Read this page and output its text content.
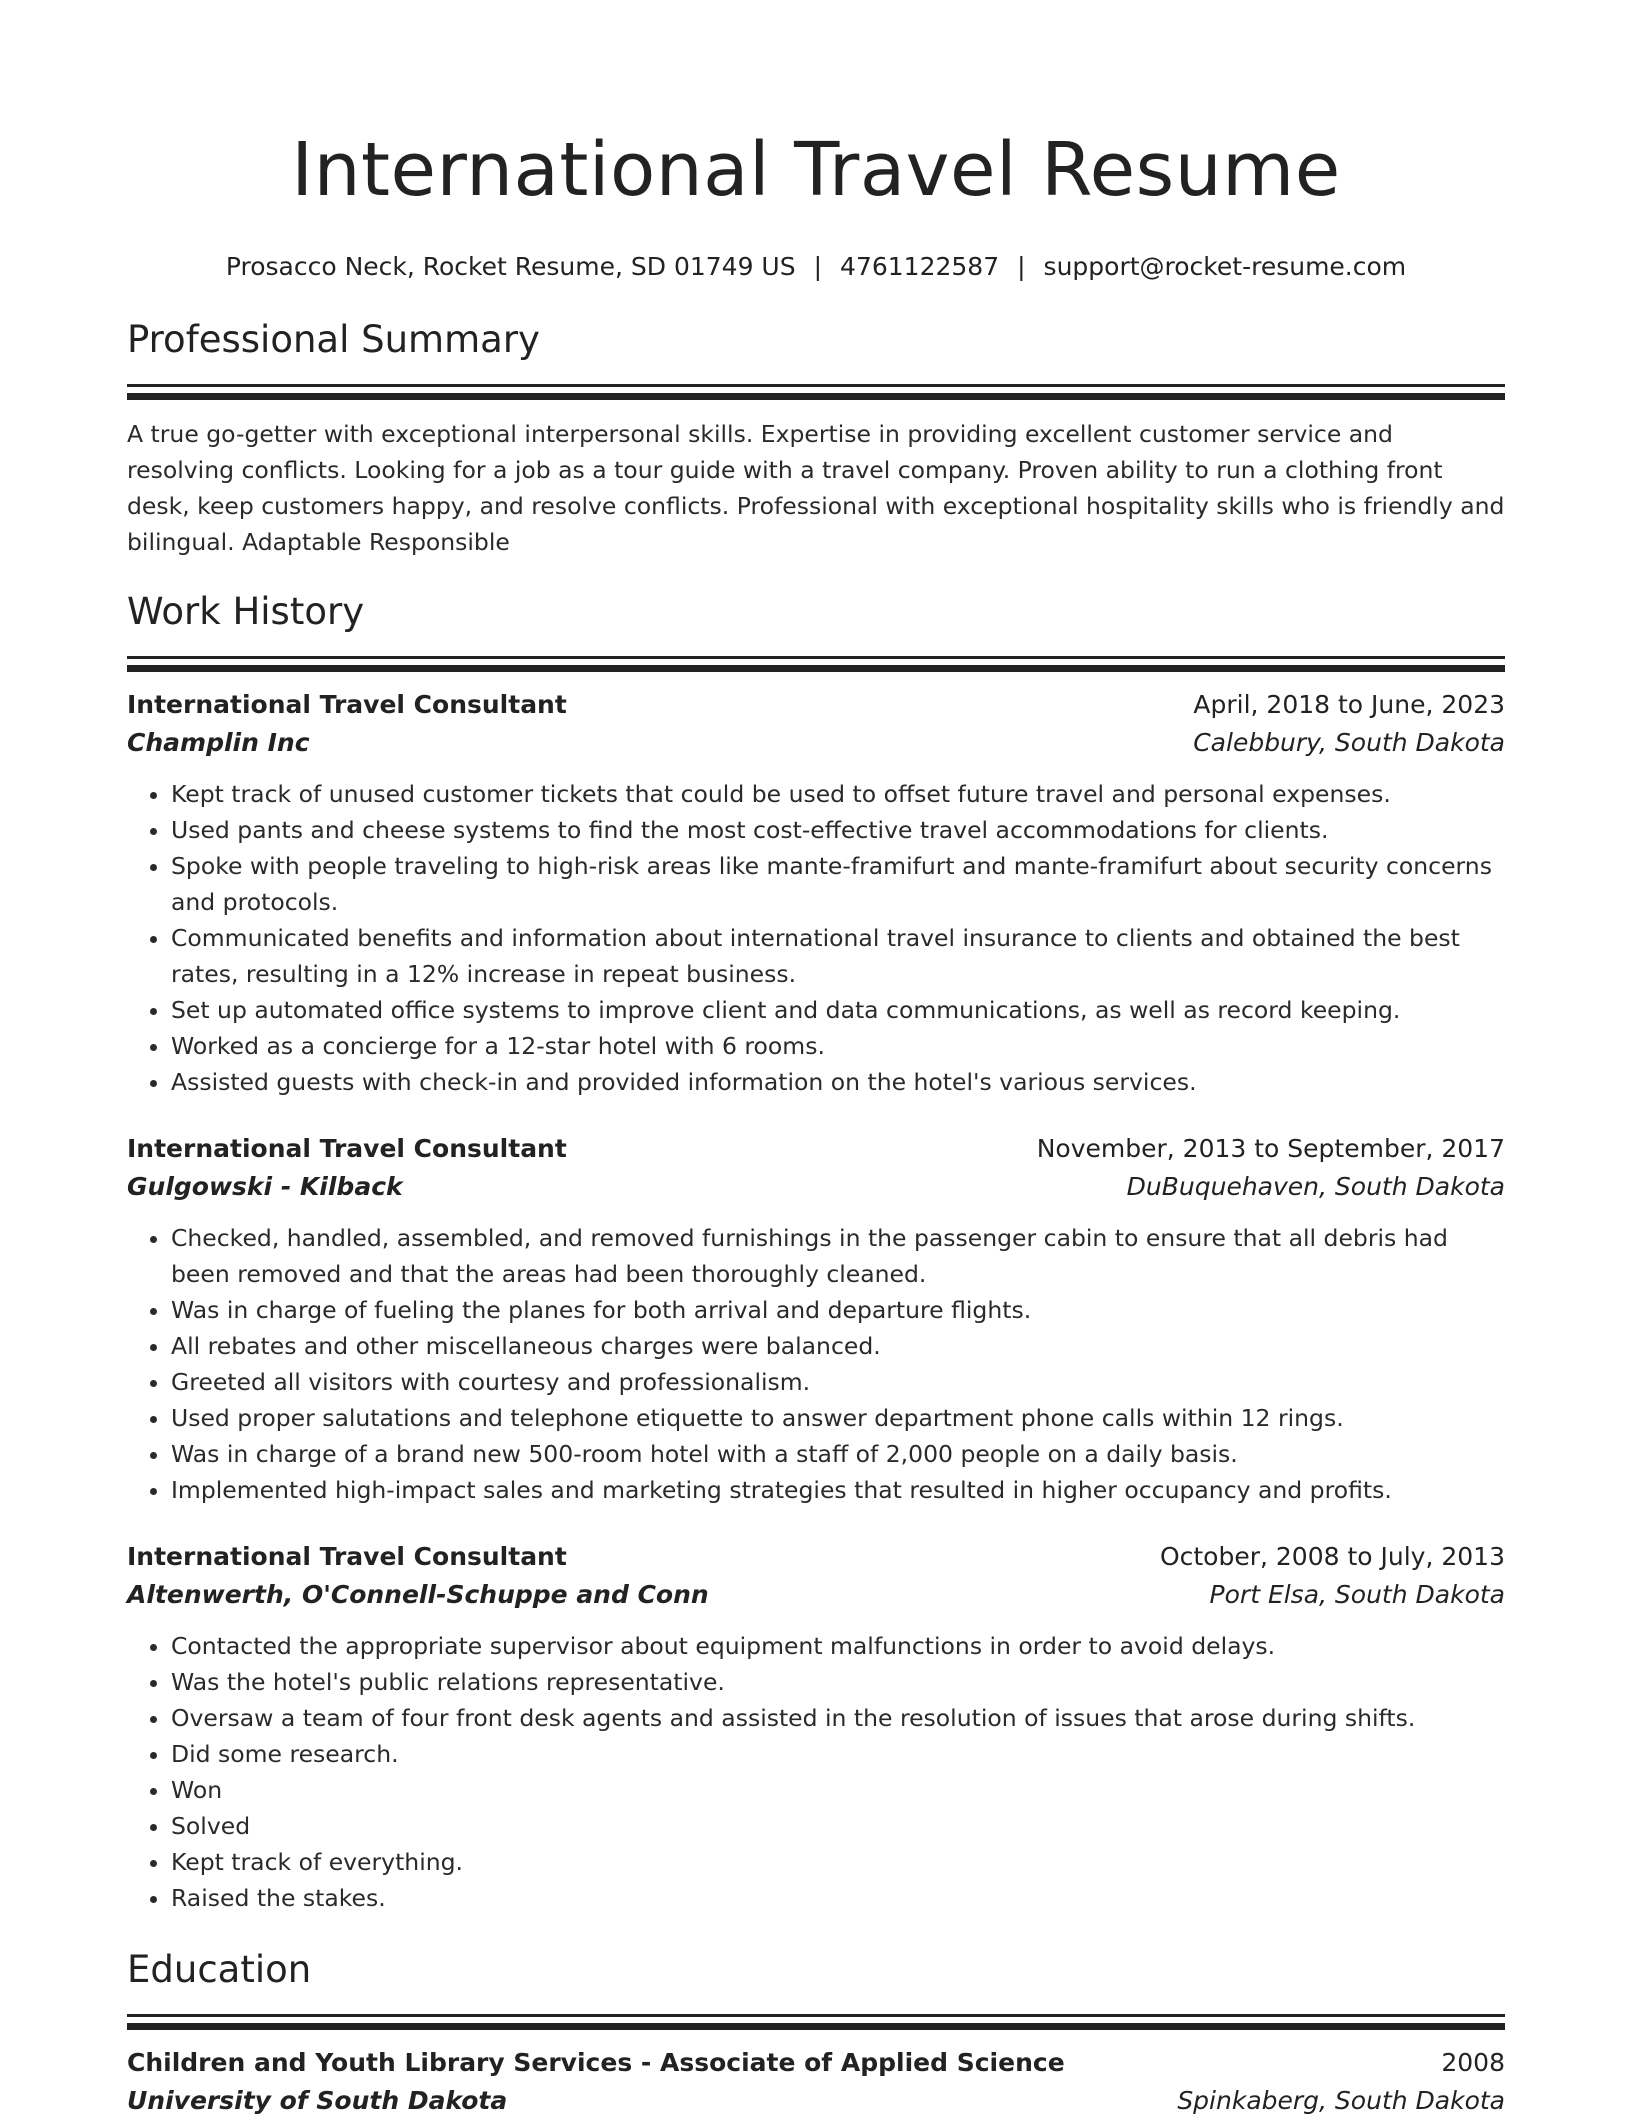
International Travel Resume
Prosacco Neck, Rocket Resume, SD 01749 US | 4761122587 | support@rocket-resume.com
Professional Summary
A true go-getter with exceptional interpersonal skills. Expertise in providing excellent customer service and resolving conflicts. Looking for a job as a tour guide with a travel company. Proven ability to run a clothing front desk, keep customers happy, and resolve conflicts. Professional with exceptional hospitality skills who is friendly and bilingual. Adaptable Responsible
Work History
International Travel Consultant	April, 2018 to June, 2023
Champlin Inc	Calebbury, South Dakota
• Kept track of unused customer tickets that could be used to offset future travel and personal expenses.
• Used pants and cheese systems to find the most cost-effective travel accommodations for clients.
• Spoke with people traveling to high-risk areas like mante-framifurt and mante-framifurt about security concerns and protocols.
• Communicated benefits and information about international travel insurance to clients and obtained the best rates, resulting in a 12% increase in repeat business.
• Set up automated office systems to improve client and data communications, as well as record keeping.
• Worked as a concierge for a 12-star hotel with 6 rooms.
• Assisted guests with check-in and provided information on the hotel's various services.
International Travel Consultant	November, 2013 to September, 2017
Gulgowski - Kilback	DuBuquehaven, South Dakota
• Checked, handled, assembled, and removed furnishings in the passenger cabin to ensure that all debris had been removed and that the areas had been thoroughly cleaned.
• Was in charge of fueling the planes for both arrival and departure flights.
• All rebates and other miscellaneous charges were balanced.
• Greeted all visitors with courtesy and professionalism.
• Used proper salutations and telephone etiquette to answer department phone calls within 12 rings.
• Was in charge of a brand new 500-room hotel with a staff of 2,000 people on a daily basis.
• Implemented high-impact sales and marketing strategies that resulted in higher occupancy and profits.
International Travel Consultant	October, 2008 to July, 2013
Altenwerth, O'Connell-Schuppe and Conn	Port Elsa, South Dakota
• Contacted the appropriate supervisor about equipment malfunctions in order to avoid delays.
• Was the hotel's public relations representative.
• Oversaw a team of four front desk agents and assisted in the resolution of issues that arose during shifts.
• Did some research.
• Won
• Solved
• Kept track of everything.
• Raised the stakes.
Education
Children and Youth Library Services - Associate of Applied Science	2008
University of South Dakota	Spinkaberg, South Dakota
